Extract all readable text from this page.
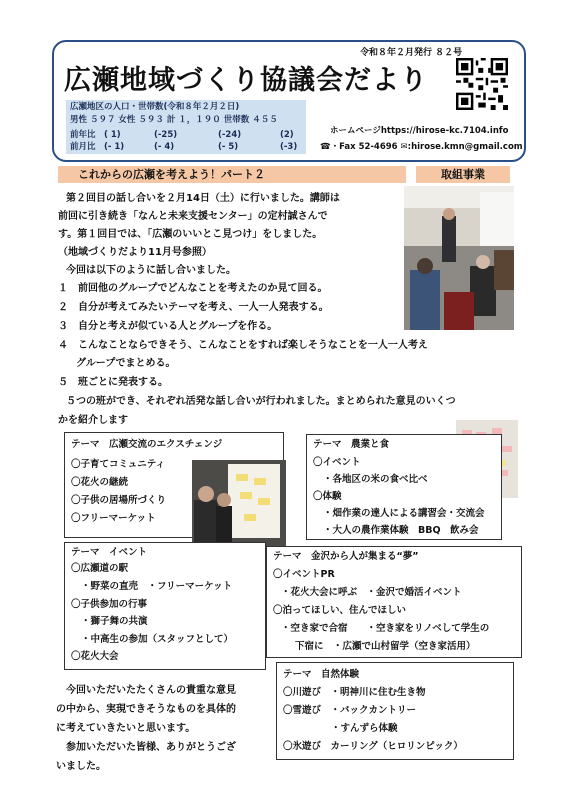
令和８年２月発行 ８２号
広瀬地域づくり協議会だより
広瀬地区の人口・世帯数(令和８年２月２日)
男性 ５９７ 女性 ５９３ 計 １，１９０ 世帯数 ４５５
前年比 ( 1)	(-25)	(-24)	(2)
前月比 (- 1)	(- 4)	(- 5)	(-3)
ホームページhttps://hirose-kc.7104.info
☎・Fax 52-4696 ✉:hirose.kmn@gmail.com
これからの広瀬を考えよう！パート２	取組事業
第２回目の話し合いを２月14日（土）に行いました。講師は
前回に引き続き「なんと未来支援センター」の定村誠さんで
す。第１回目では、「広瀬のいいとこ見つけ」をしました。
（地域づくりだより11月号参照）
今回は以下のように話し合いました。
１　前回他のグループでどんなことを考えたのか見て回る。
２　自分が考えてみたいテーマを考え、一人一人発表する。
３　自分と考えが似ている人とグループを作る。
４　こんなことならできそう、こんなことをすれば楽しそうなことを一人一人考え
グループでまとめる。
５　班ごとに発表する。
５つの班ができ、それぞれ活発な話し合いが行われました。まとめられた意見のいくつ
かを紹介します
テーマ　広瀬交流のエクスチェンジ
〇子育てコミュニティ
〇花火の継続
〇子供の居場所づくり
〇フリーマーケット
テーマ　農業と食
〇イベント
・各地区の米の食べ比べ
〇体験
・畑作業の達人による講習会・交流会
・大人の農作業体験　BBQ　飲み会
テーマ　イベント
〇広瀬道の駅
・野菜の直売　・フリーマーケット
〇子供参加の行事
・獅子舞の共演
・中高生の参加（スタッフとして）
〇花火大会
テーマ　金沢から人が集まる“夢”
〇イベントPR
・花火大会に呼ぶ　・金沢で婚活イベント
〇泊ってほしい、住んでほしい
・空き家で合宿　　・空き家をリノベして学生の
下宿に　・広瀬で山村留学（空き家活用）
テーマ　自然体験
〇川遊び　・明神川に住む生き物
〇雪遊び　・バックカントリー
・すんずら体験
〇氷遊び　カーリング（ヒロリンピック）
今回いただいたたくさんの貴重な意見
の中から、実現できそうなものを具体的
に考えていきたいと思います。
参加いただいた皆様、ありがとうござ
いました。
